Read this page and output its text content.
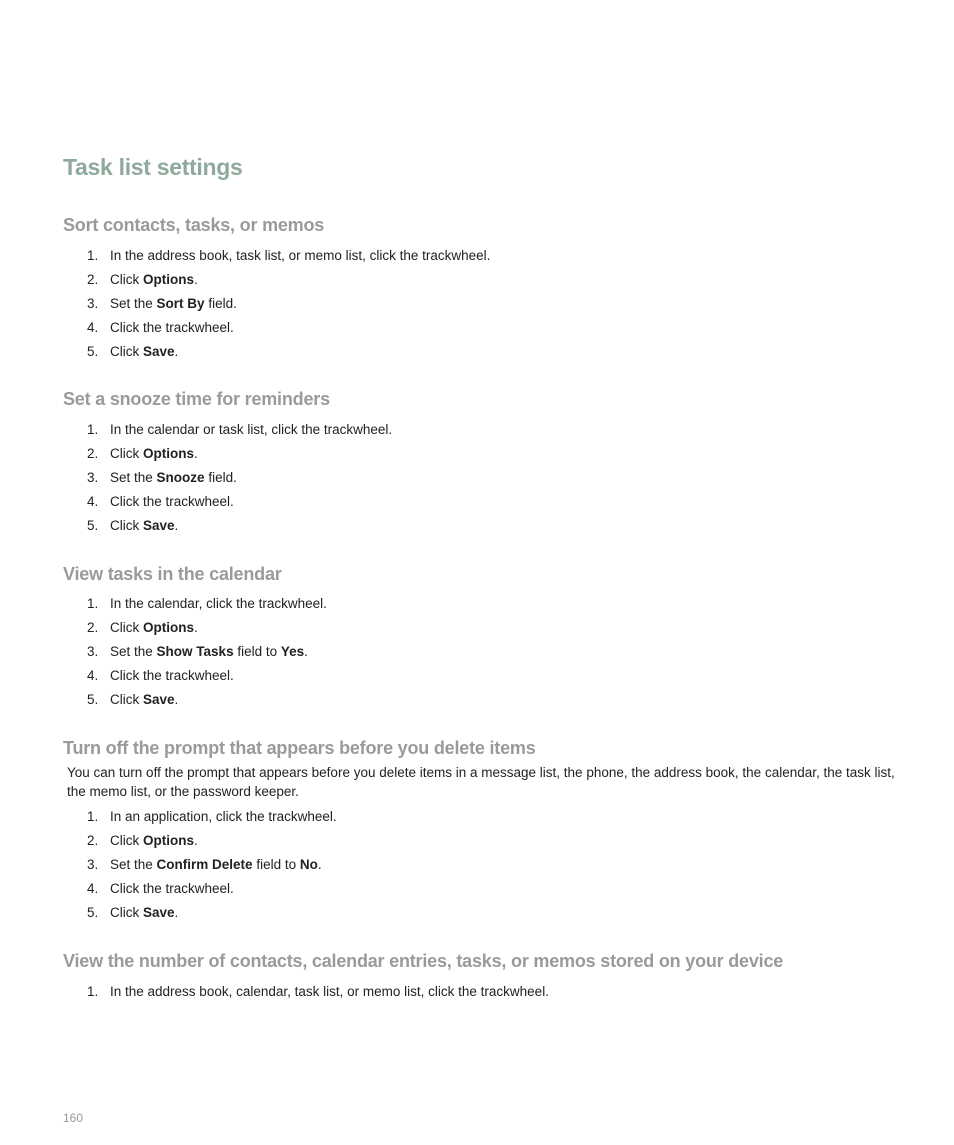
Task list settings
Sort contacts, tasks, or memos
1. In the address book, task list, or memo list, click the trackwheel.
2. Click Options.
3. Set the Sort By field.
4. Click the trackwheel.
5. Click Save.
Set a snooze time for reminders
1. In the calendar or task list, click the trackwheel.
2. Click Options.
3. Set the Snooze field.
4. Click the trackwheel.
5. Click Save.
View tasks in the calendar
1. In the calendar, click the trackwheel.
2. Click Options.
3. Set the Show Tasks field to Yes.
4. Click the trackwheel.
5. Click Save.
Turn off the prompt that appears before you delete items

You can turn off the prompt that appears before you delete items in a message list, the phone, the address book, the calendar, the task list, the memo list, or the password keeper.

1. In an application, click the trackwheel.
2. Click Options.
3. Set the Confirm Delete field to No.
4. Click the trackwheel.
5. Click Save.
View the number of contacts, calendar entries, tasks, or memos stored on your device
1. In the address book, calendar, task list, or memo list, click the trackwheel.
160
